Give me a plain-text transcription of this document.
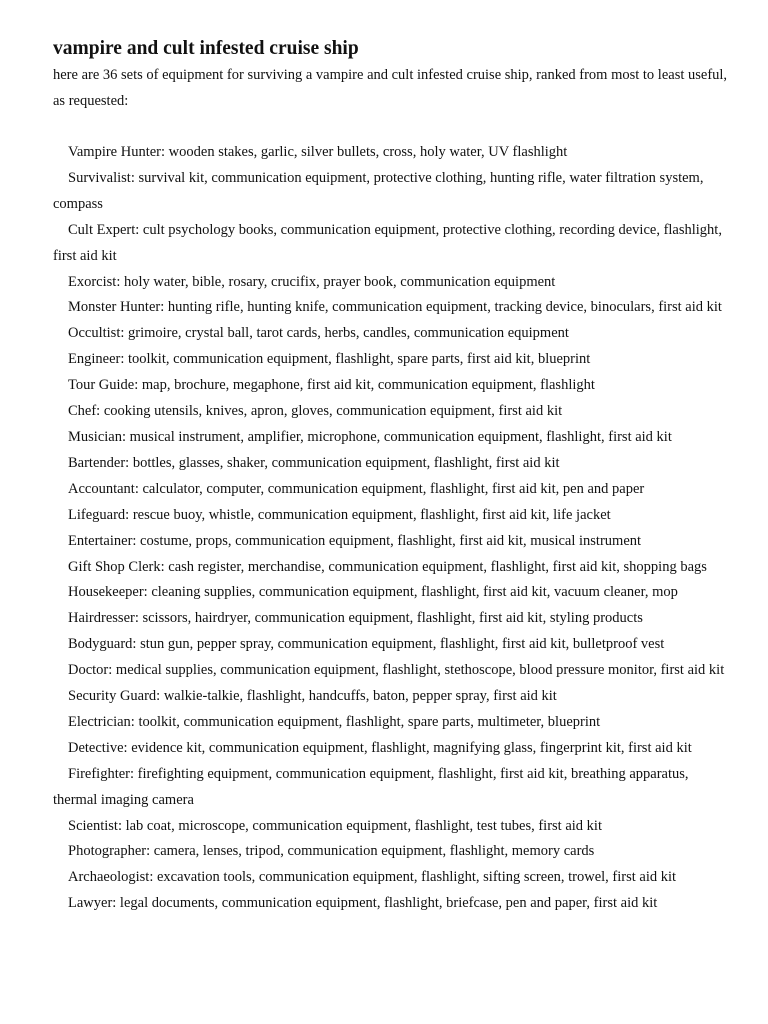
vampire and cult infested cruise ship

here are 36 sets of equipment for surviving a vampire and cult infested cruise ship, ranked from most to least useful, as requested:

Vampire Hunter: wooden stakes, garlic, silver bullets, cross, holy water, UV flashlight

Survivalist: survival kit, communication equipment, protective clothing, hunting rifle, water filtration system, compass

Cult Expert: cult psychology books, communication equipment, protective clothing, recording device, flashlight, first aid kit

Exorcist: holy water, bible, rosary, crucifix, prayer book, communication equipment

Monster Hunter: hunting rifle, hunting knife, communication equipment, tracking device, binoculars, first aid kit

Occultist: grimoire, crystal ball, tarot cards, herbs, candles, communication equipment

Engineer: toolkit, communication equipment, flashlight, spare parts, first aid kit, blueprint

Tour Guide: map, brochure, megaphone, first aid kit, communication equipment, flashlight

Chef: cooking utensils, knives, apron, gloves, communication equipment, first aid kit

Musician: musical instrument, amplifier, microphone, communication equipment, flashlight, first aid kit

Bartender: bottles, glasses, shaker, communication equipment, flashlight, first aid kit

Accountant: calculator, computer, communication equipment, flashlight, first aid kit, pen and paper

Lifeguard: rescue buoy, whistle, communication equipment, flashlight, first aid kit, life jacket

Entertainer: costume, props, communication equipment, flashlight, first aid kit, musical instrument

Gift Shop Clerk: cash register, merchandise, communication equipment, flashlight, first aid kit, shopping bags

Housekeeper: cleaning supplies, communication equipment, flashlight, first aid kit, vacuum cleaner, mop

Hairdresser: scissors, hairdryer, communication equipment, flashlight, first aid kit, styling products

Bodyguard: stun gun, pepper spray, communication equipment, flashlight, first aid kit, bulletproof vest

Doctor: medical supplies, communication equipment, flashlight, stethoscope, blood pressure monitor, first aid kit

Security Guard: walkie-talkie, flashlight, handcuffs, baton, pepper spray, first aid kit

Electrician: toolkit, communication equipment, flashlight, spare parts, multimeter, blueprint

Detective: evidence kit, communication equipment, flashlight, magnifying glass, fingerprint kit, first aid kit

Firefighter: firefighting equipment, communication equipment, flashlight, first aid kit, breathing apparatus, thermal imaging camera

Scientist: lab coat, microscope, communication equipment, flashlight, test tubes, first aid kit

Photographer: camera, lenses, tripod, communication equipment, flashlight, memory cards

Archaeologist: excavation tools, communication equipment, flashlight, sifting screen, trowel, first aid kit

Lawyer: legal documents, communication equipment, flashlight, briefcase, pen and paper, first aid kit
